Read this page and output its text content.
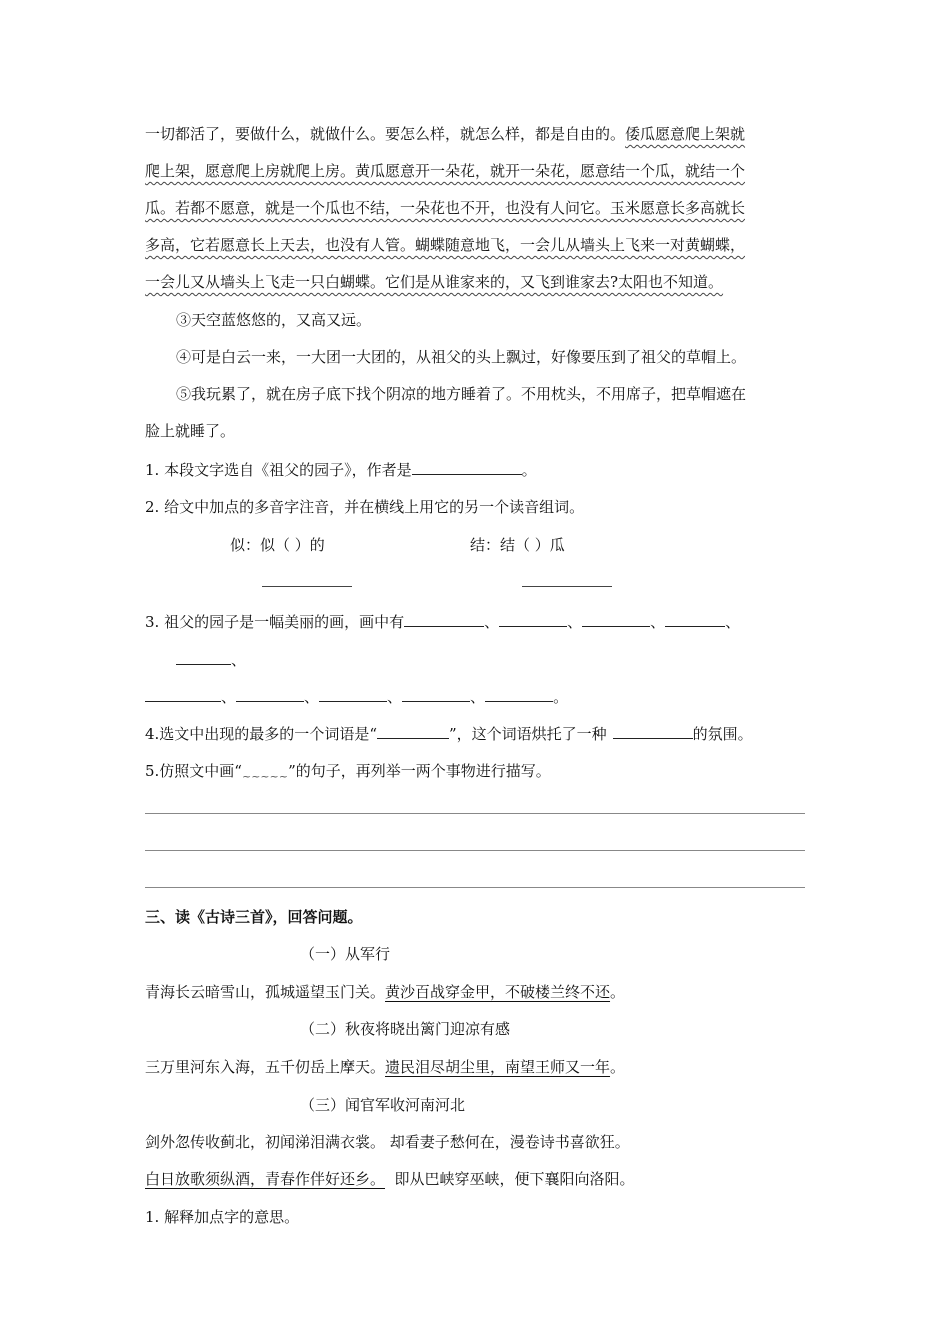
一切都活了，要做什么，就做什么。要怎么样，就怎么样，都是自由的。倭瓜愿意爬上架就
爬上架，愿意爬上房就爬上房。黄瓜愿意开一朵花，就开一朵花，愿意结一个瓜，就结一个
瓜。若都不愿意，就是一个瓜也不结，一朵花也不开，也没有人问它。玉米愿意长多高就长
多高，它若愿意长上天去，也没有人管。蝴蝶随意地飞，一会儿从墙头上飞来一对黄蝴蝶，
一会儿又从墙头上飞走一只白蝴蝶。它们是从谁家来的，又飞到谁家去?太阳也不知道。
③天空蓝悠悠的，又高又远。
④可是白云一来，一大团一大团的，从祖父的头上飘过，好像要压到了祖父的草帽上。
⑤我玩累了，就在房子底下找个阴凉的地方睡着了。不用枕头，不用席子，把草帽遮在
脸上就睡了。
1. 本段文字选自《祖父的园子》，作者是	。
2. 给文中加点的多音字注音，并在横线上用它的另一个读音组词。
似：似（ ）的	结：结（ ）瓜
3. 祖父的园子是一幅美丽的画，画中有	、	、	、	、
、
、	、	、	、	。
4.选文中出现的最多的一个词语是“	”，这个词语烘托了一种	的氛围。
5.仿照文中画“$_{\sim\sim\sim\sim\sim}$”的句子，再列举一两个事物进行描写。
三、读《古诗三首》，回答问题。
（一）从军行
青海长云暗雪山，孤城遥望玉门关。黄沙百战穿金甲，不破楼兰终不还。
（二）秋夜将晓出篱门迎凉有感
三万里河东入海，五千仞岳上摩天。遗民泪尽胡尘里，南望王师又一年。
（三）闻官军收河南河北
剑外忽传收蓟北，初闻涕泪满衣裳。 却看妻子愁何在，漫卷诗书喜欲狂。
白日放歌须纵酒，青春作伴好还乡。  即从巴峡穿巫峡，便下襄阳向洛阳。
1. 解释加点字的意思。
